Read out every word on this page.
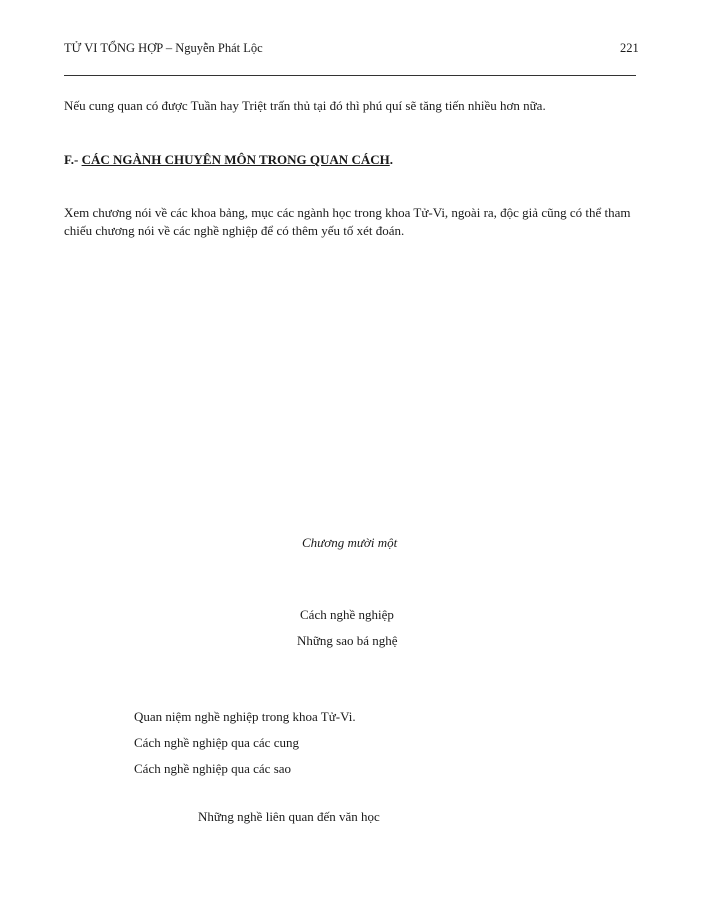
TỬ VI TỔNG HỢP – Nguyễn Phát Lộc	221
Nếu cung quan có được Tuần hay Triệt trấn thủ tại đó thì phú quí sẽ tăng tiến nhiều hơn nữa.
F.- CÁC NGÀNH CHUYÊN MÔN TRONG QUAN CÁCH.
Xem chương nói về các khoa bảng, mục các ngành học trong khoa Tử-Vi, ngoài ra, độc giả cũng có thể tham chiếu chương nói về các nghề nghiệp để có thêm yếu tố xét đoán.
Chương mười một
Cách nghề nghiệp
Những sao bá nghệ
Quan niệm nghề nghiệp trong khoa Tử-Vi.
Cách nghề nghiệp qua các cung
Cách nghề nghiệp qua các sao
Những nghề liên quan đến văn học
